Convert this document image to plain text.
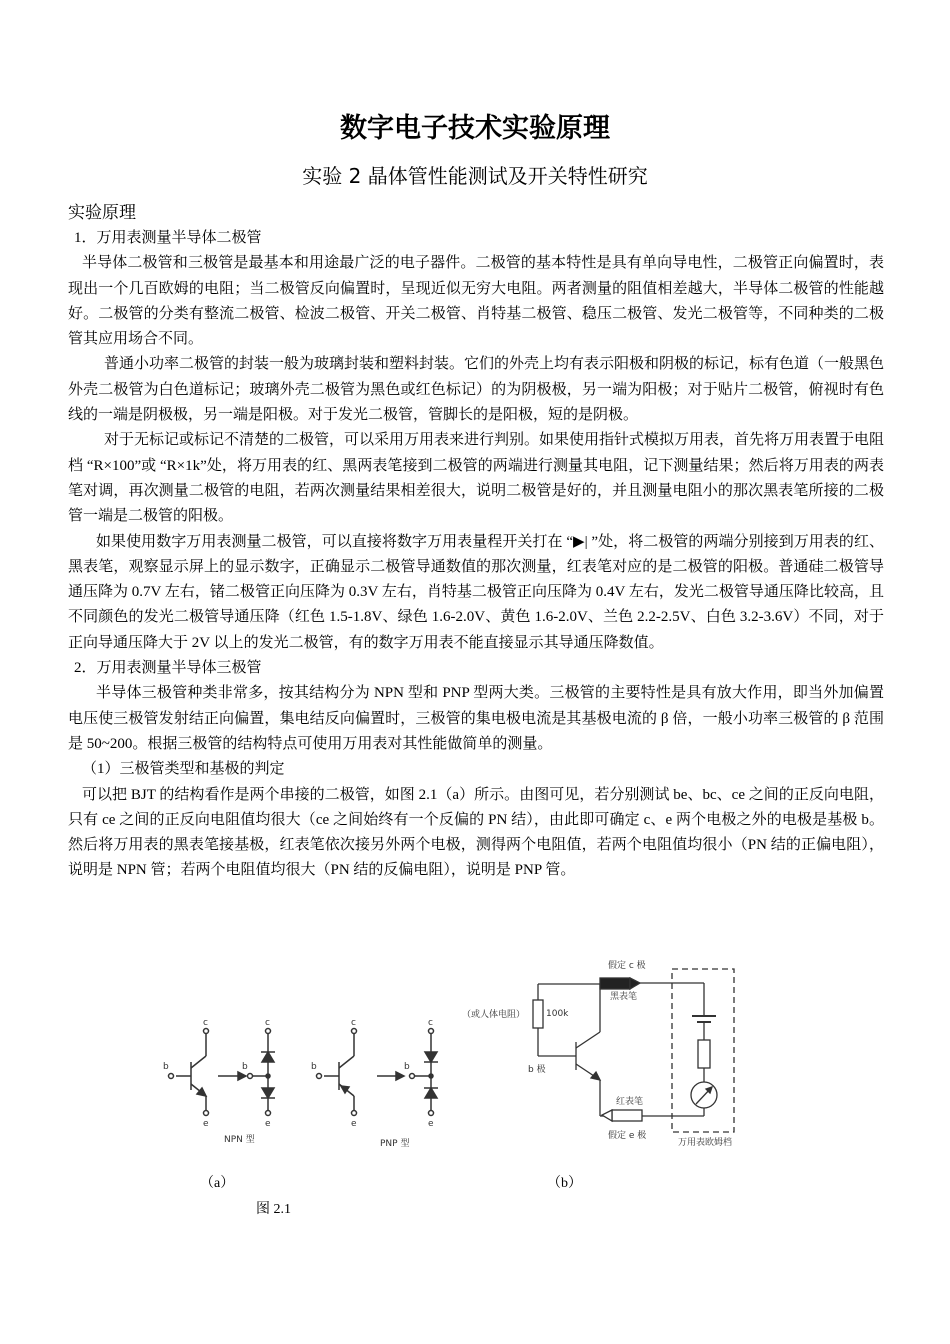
数字电子技术实验原理
实验 2 晶体管性能测试及开关特性研究

实验原理

1．万用表测量半导体二极管

半导体二极管和三极管是最基本和用途最广泛的电子器件。二极管的基本特性是具有单向导电性，二极管正向偏置时，表现出一个几百欧姆的电阻；当二极管反向偏置时，呈现近似无穷大电阻。两者测量的阻值相差越大，半导体二极管的性能越好。二极管的分类有整流二极管、检波二极管、开关二极管、肖特基二极管、稳压二极管、发光二极管等，不同种类的二极管其应用场合不同。

普通小功率二极管的封装一般为玻璃封装和塑料封装。它们的外壳上均有表示阳极和阴极的标记，标有色道（一般黑色外壳二极管为白色道标记；玻璃外壳二极管为黑色或红色标记）的为阴极极，另一端为阳极；对于贴片二极管，俯视时有色线的一端是阴极极，另一端是阳极。对于发光二极管，管脚长的是阳极，短的是阴极。

对于无标记或标记不清楚的二极管，可以采用万用表来进行判别。如果使用指针式模拟万用表，首先将万用表置于电阻档 “R×100”或 “R×1k”处，将万用表的红、黑两表笔接到二极管的两端进行测量其电阻，记下测量结果；然后将万用表的两表笔对调，再次测量二极管的电阻，若两次测量结果相差很大，说明二极管是好的，并且测量电阻小的那次黑表笔所接的二极管一端是二极管的阳极。

如果使用数字万用表测量二极管，可以直接将数字万用表量程开关打在 “▶| ”处，将二极管的两端分别接到万用表的红、黑表笔，观察显示屏上的显示数字，正确显示二极管导通数值的那次测量，红表笔对应的是二极管的阳极。普通硅二极管导通压降为 0.7V 左右，锗二极管正向压降为 0.3V 左右，肖特基二极管正向压降为 0.4V 左右，发光二极管导通压降比较高，且不同颜色的发光二极管导通压降（红色 1.5-1.8V、绿色 1.6-2.0V、黄色 1.6-2.0V、兰色 2.2-2.5V、白色 3.2-3.6V）不同，对于正向导通压降大于 2V 以上的发光二极管，有的数字万用表不能直接显示其导通压降数值。

2．万用表测量半导体三极管

半导体三极管种类非常多，按其结构分为 NPN 型和 PNP 型两大类。三极管的主要特性是具有放大作用，即当外加偏置电压使三极管发射结正向偏置，集电结反向偏置时，三极管的集电极电流是其基极电流的 β 倍，一般小功率三极管的 β 范围是 50~200。根据三极管的结构特点可使用万用表对其性能做简单的测量。

（1）三极管类型和基极的判定

可以把 BJT 的结构看作是两个串接的二极管，如图 2.1（a）所示。由图可见，若分别测试 be、bc、ce 之间的正反向电阻，只有 ce 之间的正反向电阻值均很大（ce 之间始终有一个反偏的 PN 结），由此即可确定 c、e 两个电极之外的电极是基极 b。然后将万用表的黑表笔接基极，红表笔依次接另外两个电极，测得两个电阻值，若两个电阻值均很小（PN 结的正偏电阻），说明是 NPN 管；若两个电阻值均很大（PN 结的反偏电阻），说明是 PNP 管。

c
b
e
c
b
e
c
b
e
c
b
e
NPN 型	PNP 型
假定 c 极
黑表笔
（或人体电阻） 100k
b 极
红表笔
假定 e 极
万用表欧姆档
（a）	（b）
图 2.1
